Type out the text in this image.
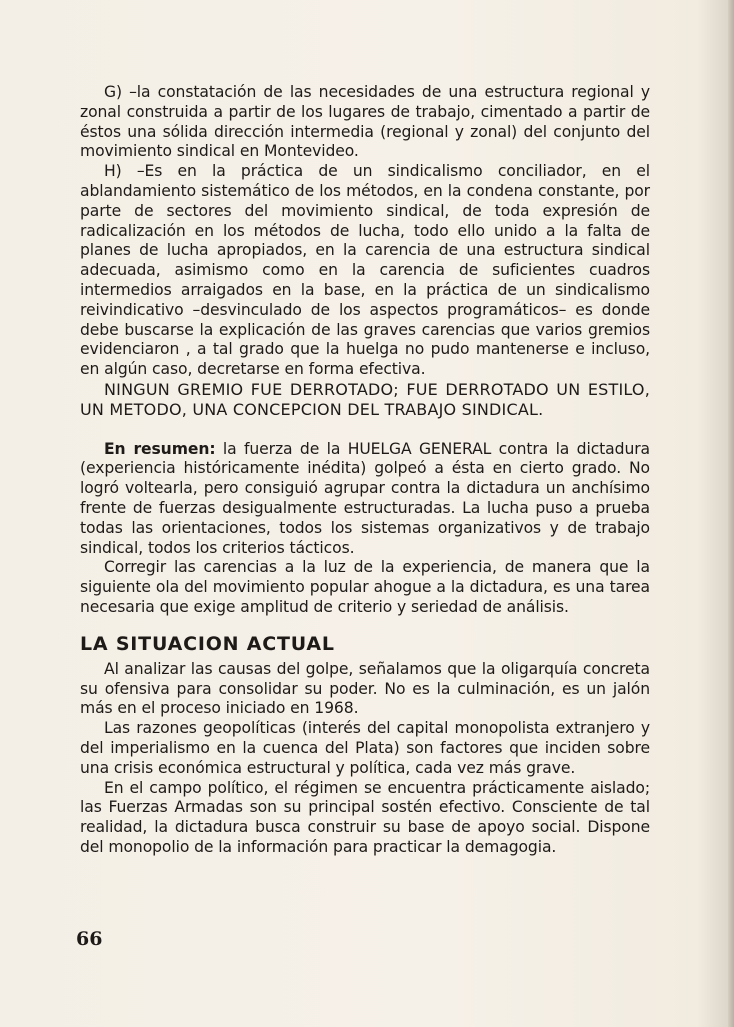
G) –la constatación de las necesidades de una estructura regional y zonal construida a partir de los lugares de trabajo, cimentado a partir de éstos una sólida dirección intermedia (regional y zonal) del conjunto del movimiento sindical en Montevideo.

H) –Es en la práctica de un sindicalismo conciliador, en el ablandamiento sistemático de los métodos, en la condena constante, por parte de sectores del movimiento sindical, de toda expresión de radicalización en los métodos de lucha, todo ello unido a la falta de planes de lucha apropiados, en la carencia de una estructura sindical adecuada, asimismo como en la carencia de suficientes cuadros intermedios arraigados en la base, en la práctica de un sindicalismo reivindicativo –desvinculado de los aspectos programáticos– es donde debe buscarse la explicación de las graves carencias que varios gremios evidenciaron , a tal grado que la huelga no pudo mantenerse e incluso, en algún caso, decretarse en forma efectiva.

NINGUN GREMIO FUE DERROTADO; FUE DERROTADO UN ESTILO, UN METODO, UNA CONCEPCION DEL TRABAJO SINDICAL.

En resumen: la fuerza de la HUELGA GENERAL contra la dictadura (experiencia históricamente inédita) golpeó a ésta en cierto grado. No logró voltearla, pero consiguió agrupar contra la dictadura un anchísimo frente de fuerzas desigualmente estructuradas. La lucha puso a prueba todas las orientaciones, todos los sistemas organizativos y de trabajo sindical, todos los criterios tácticos.

Corregir las carencias a la luz de la experiencia, de manera que la siguiente ola del movimiento popular ahogue a la dictadura, es una tarea necesaria que exige amplitud de criterio y seriedad de análisis.

LA SITUACION ACTUAL

Al analizar las causas del golpe, señalamos que la oligarquía concreta su ofensiva para consolidar su poder. No es la culminación, es un jalón más en el proceso iniciado en 1968.

Las razones geopolíticas (interés del capital monopolista extranjero y del imperialismo en la cuenca del Plata) son factores que inciden sobre una crisis económica estructural y política, cada vez más grave.

En el campo político, el régimen se encuentra prácticamente aislado; las Fuerzas Armadas son su principal sostén efectivo. Consciente de tal realidad, la dictadura busca construir su base de apoyo social. Dispone del monopolio de la información para practicar la demagogia.

66
